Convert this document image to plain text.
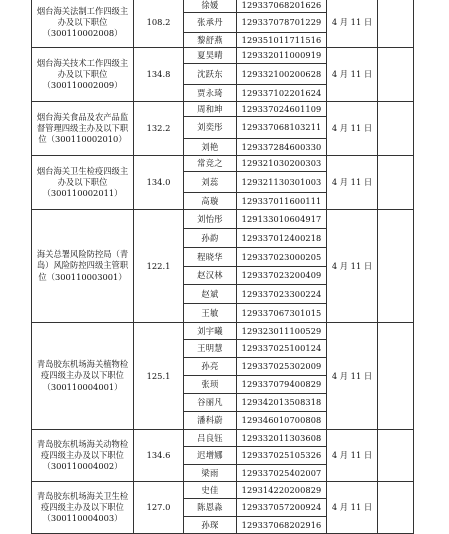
烟台海关法制工作四级主办及以下职位（300110002008）	108.2	徐媛	129337068201626	4 月 11 日	
		张承丹	129337078701229		
		黎舒燕	129351011711516		
烟台海关技术工作四级主办及以下职位（300110002009）	134.8	夏昊晴	129332011000919	4 月 11 日	
		沈跃东	129332100200628		
		贾永琦	129337102201624		
烟台海关食品及农产品监督管理四级主办及以下职位（300110002010）	132.2	周和坤	129337024601109	4 月 11 日	
		刘奕彤	129337068103211		
		刘艳	129337284600330		
烟台海关卫生检疫四级主办及以下职位（300110002011）	134.0	常竞之	129321030200303	4 月 11 日	
		刘蕊	129321130301003		
		高璇	129337011600111		
海关总署风险防控局（青岛）风险防控四级主管职位（300110003001）	122.1	刘怡彤	129133010604917	4 月 11 日	
		孙韵	129337012400218		
		程晓华	129337023000205		
		赵汉林	129337023200409		
		赵斌	129337023300224		
		王敏	129337067301015		
青岛胶东机场海关植物检疫四级主办及以下职位（300110004001）	125.1	刘宇曦	129323011100529	4 月 11 日	
		王明慧	129337025100124		
		孙亮	129337025302009		
		张顼	129337079400829		
		谷丽凡	129342013508318		
		潘科蔚	129346010700808		
青岛胶东机场海关动物检疫四级主办及以下职位（300110004002）	134.6	吕良钰	129332011303608	4 月 11 日	
		迟增娜	129337025105326		
		梁雨	129337025402007		
青岛胶东机场海关卫生检疫四级主办及以下职位（300110004003）	127.0	史佳	129314220200829	4 月 11 日	
		陈恩淼	129337057200924		
		孙琛	129337068202916		
